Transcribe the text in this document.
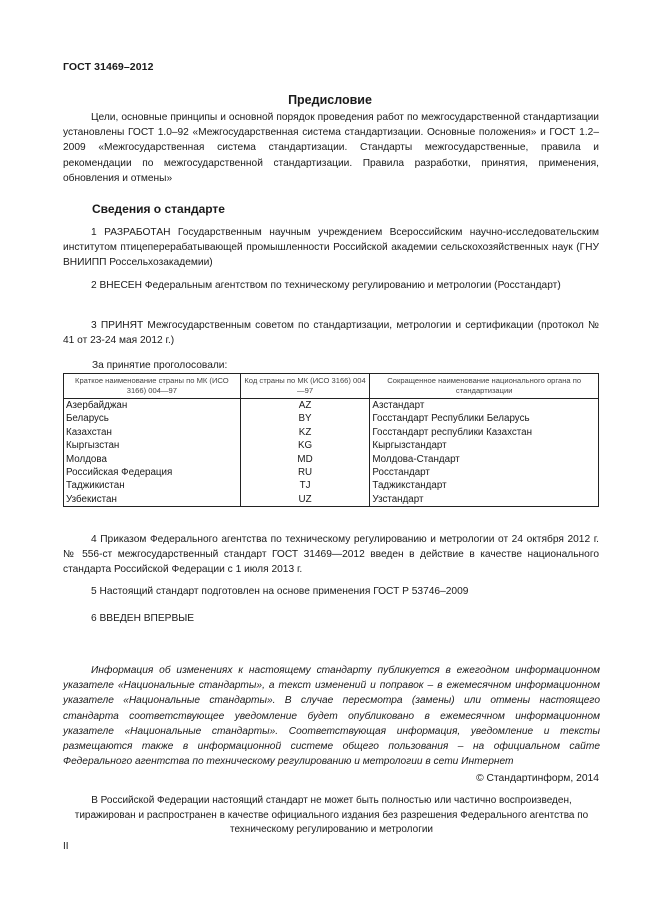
ГОСТ 31469–2012
Предисловие

Цели, основные принципы и основной порядок проведения работ по межгосударственной стандартизации установлены ГОСТ 1.0–92 «Межгосударственная система стандартизации. Основные положения» и ГОСТ 1.2–2009 «Межгосударственная система стандартизации. Стандарты межгосударственные, правила и рекомендации по межгосударственной стандартизации. Правила разработки, принятия, применения, обновления и отмены»

Сведения о стандарте

1 РАЗРАБОТАН Государственным научным учреждением Всероссийским научно-исследовательским институтом птицеперерабатывающей промышленности Российской академии сельскохозяйственных наук (ГНУ ВНИИПП Россельхозакадемии)

2 ВНЕСЕН Федеральным агентством по техническому регулированию и метрологии (Росстандарт)

3 ПРИНЯТ Межгосударственным советом по стандартизации, метрологии и сертификации (протокол № 41 от 23-24 мая 2012 г.)

За принятие проголосовали:

Краткое наименование страны по МК (ИСО 3166) 004—97	Код страны по МК (ИСО 3166) 004—97	Сокращенное наименование национального органа по стандартизации
Азербайджан	AZ	Азстандарт
Беларусь	BY	Госстандарт Республики Беларусь
Казахстан	KZ	Госстандарт республики Казахстан
Кыргызстан	KG	Кыргызстандарт
Молдова	MD	Молдова-Стандарт
Российская Федерация	RU	Росстандарт
Таджикистан	TJ	Таджикстандарт
Узбекистан	UZ	Узстандарт

4 Приказом Федерального агентства по техническому регулированию и метрологии от 24 октября 2012 г. № 556-ст межгосударственный стандарт ГОСТ 31469—2012 введен в действие в качестве национального стандарта Российской Федерации с 1 июля 2013 г.

5 Настоящий стандарт подготовлен на основе применения ГОСТ Р 53746–2009

6 ВВЕДЕН ВПЕРВЫЕ

Информация об изменениях к настоящему стандарту публикуется в ежегодном информационном указателе «Национальные стандарты», а текст изменений и поправок – в ежемесячном информационном указателе «Национальные стандарты». В случае пересмотра (замены) или отмены настоящего стандарта соответствующее уведомление будет опубликовано в ежемесячном информационном указателе «Национальные стандарты». Соответствующая информация, уведомление и тексты размещаются также в информационной системе общего пользования – на официальном сайте Федерального агентства по техническому регулированию и метрологии в сети Интернет

© Стандартинформ, 2014
В Российской Федерации настоящий стандарт не может быть полностью или частично воспроизведен, тиражирован и распространен в качестве официального издания без разрешения Федерального агентства по техническому регулированию и метрологии
II
